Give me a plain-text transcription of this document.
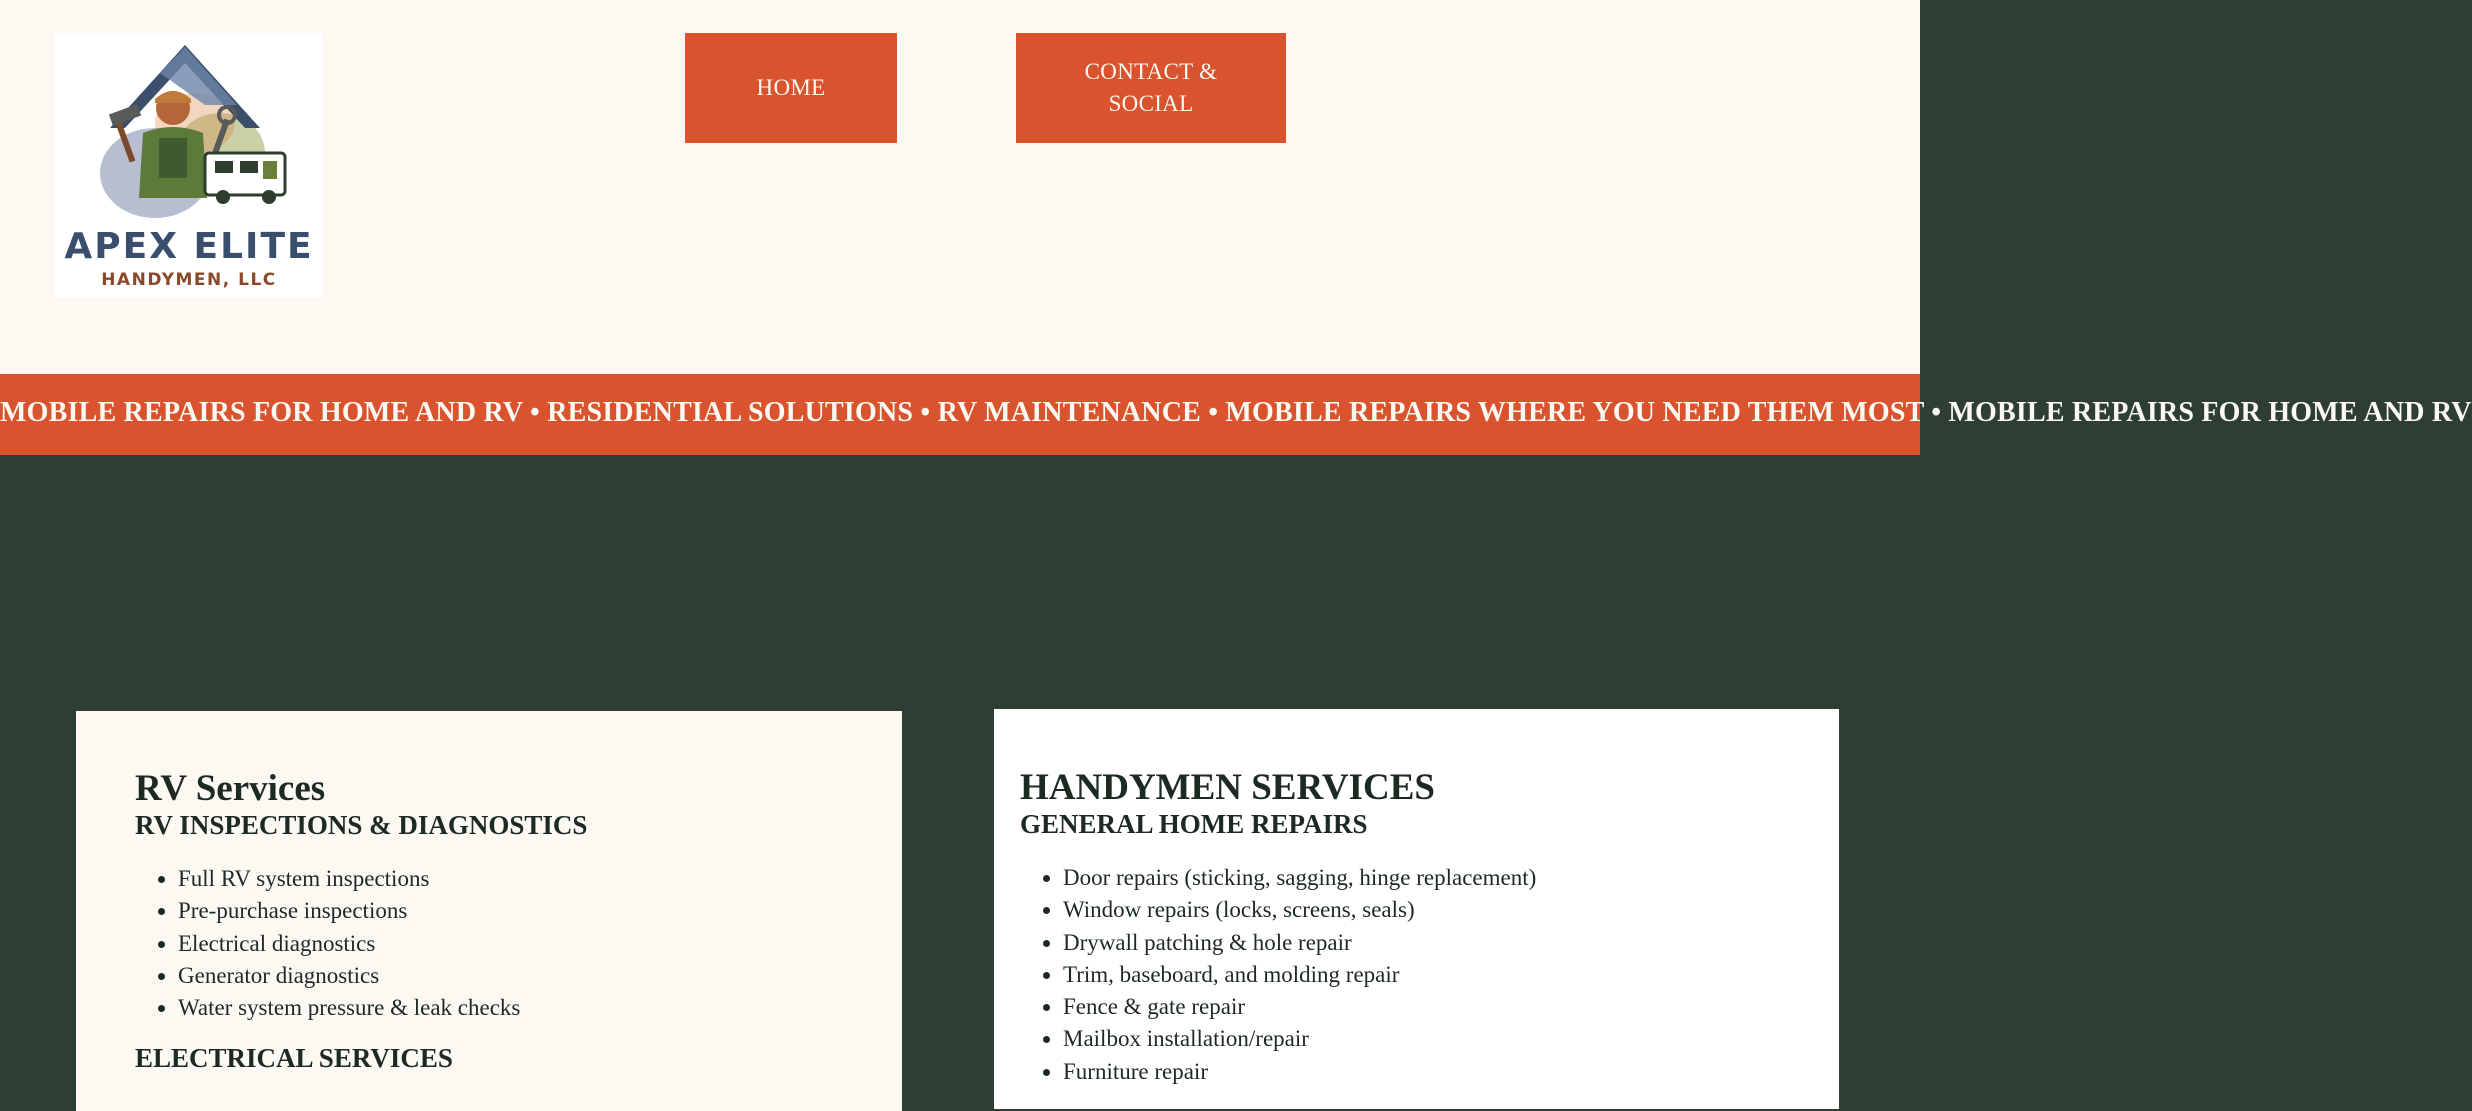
APEX ELITE
HANDYMEN, LLC
HOME
CONTACT & SOCIAL
MOBILE REPAIRS FOR HOME AND RV • RESIDENTIAL SOLUTIONS • RV MAINTENANCE • MOBILE REPAIRS WHERE YOU NEED THEM MOST • MOBILE REPAIRS FOR HOME AND RV
RV Services
RV INSPECTIONS & DIAGNOSTICS
• Full RV system inspections
• Pre-purchase inspections
• Electrical diagnostics
• Generator diagnostics
• Water system pressure & leak checks
ELECTRICAL SERVICES
HANDYMEN SERVICES
GENERAL HOME REPAIRS
• Door repairs (sticking, sagging, hinge replacement)
• Window repairs (locks, screens, seals)
• Drywall patching & hole repair
• Trim, baseboard, and molding repair
• Fence & gate repair
• Mailbox installation/repair
• Furniture repair
